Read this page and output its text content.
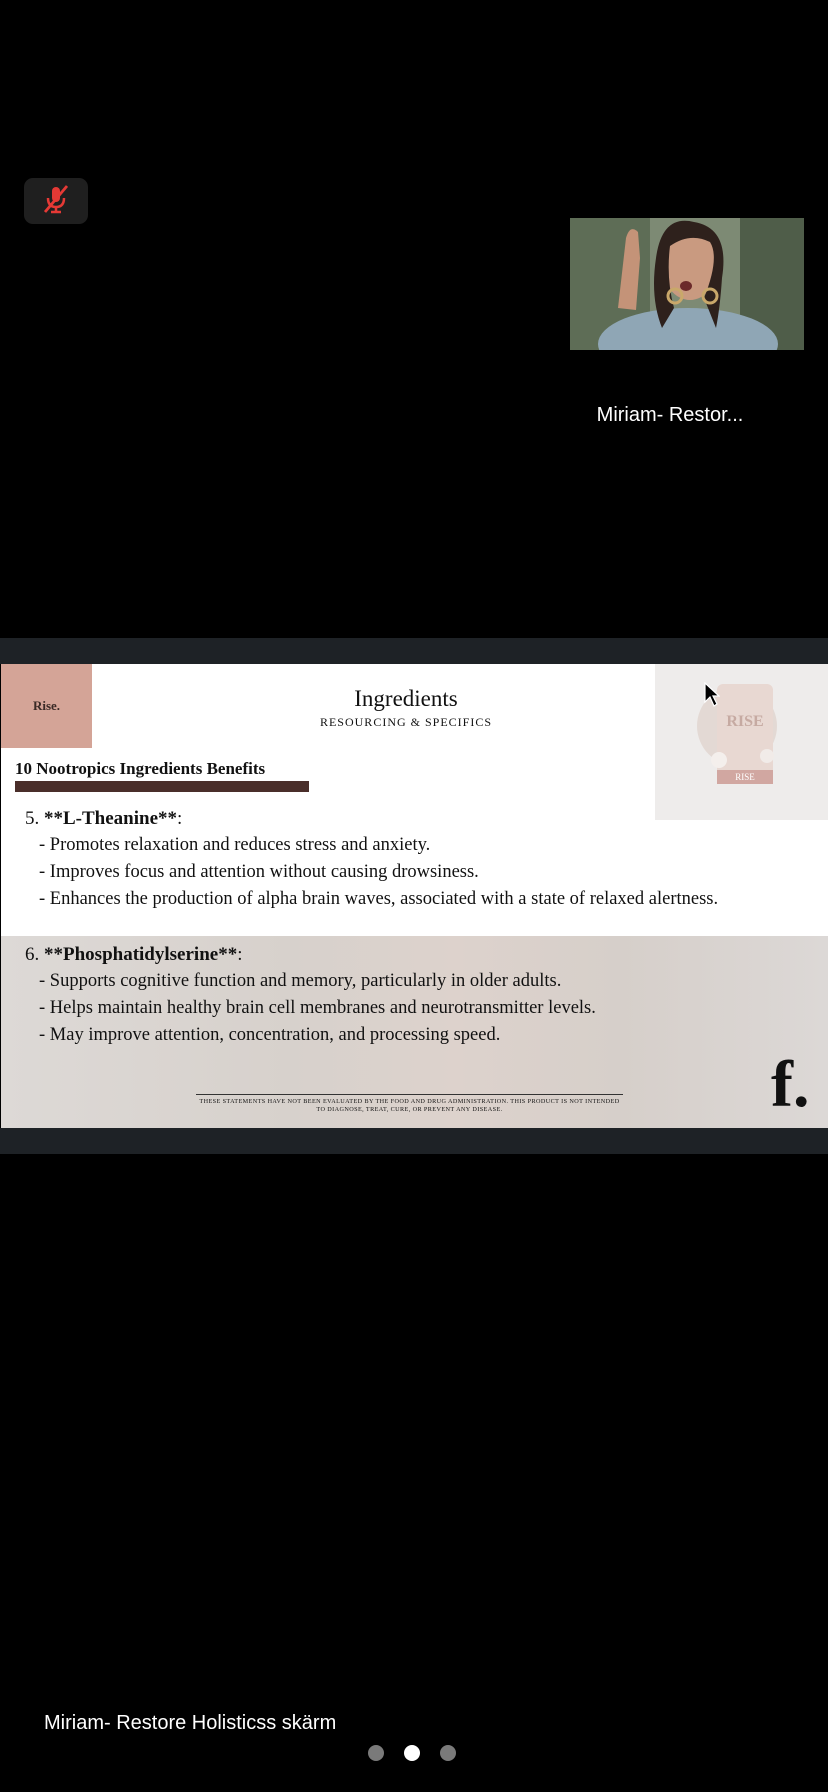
Miriam- Restor...
Rise.	Ingredients
RESOURCING & SPECIFICS	RISE
RISE
10 Nootropics Ingredients Benefits
5. **L-Theanine**:
- Promotes relaxation and reduces stress and anxiety.
- Improves focus and attention without causing drowsiness.
- Enhances the production of alpha brain waves, associated with a state of relaxed alertness.
6. **Phosphatidylserine**:
- Supports cognitive function and memory, particularly in older adults.
- Helps maintain healthy brain cell membranes and neurotransmitter levels.
- May improve attention, concentration, and processing speed.
THESE STATEMENTS HAVE NOT BEEN EVALUATED BY THE FOOD AND DRUG ADMINISTRATION. THIS PRODUCT IS NOT INTENDED TO DIAGNOSE, TREAT, CURE, OR PREVENT ANY DISEASE.	f.
Miriam- Restore Holisticss skärm
